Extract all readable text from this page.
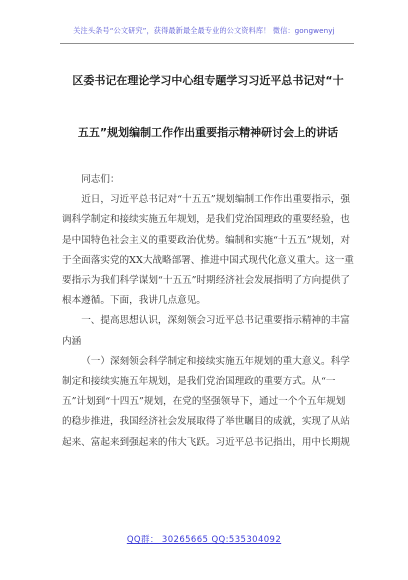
关注头条号“公文研究”，获得最新最全最专业的公文资料库！ 微信：gongwenyj
区委书记在理论学习中心组专题学习习近平总书记对“十
五五”规划编制工作作出重要指示精神研讨会上的讲话

同志们：

近日，习近平总书记对“十五五”规划编制工作作出重要指示，强调科学制定和接续实施五年规划，是我们党治国理政的重要经验，也是中国特色社会主义的重要政治优势。编制和实施“十五五”规划，对于全面落实党的XX大战略部署、推进中国式现代化意义重大。这一重要指示为我们科学谋划“十五五”时期经济社会发展指明了方向提供了根本遵循。下面，我讲几点意见。

一、提高思想认识，深刻领会习近平总书记重要指示精神的丰富内涵

（一）深刻领会科学制定和接续实施五年规划的重大意义。科学制定和接续实施五年规划，是我们党治国理政的重要方式。从“一五”计划到“十四五”规划，在党的坚强领导下，通过一个个五年规划的稳步推进，我国经济社会发展取得了举世瞩目的成就，实现了从站起来、富起来到强起来的伟大飞跃。习近平总书记指出，用中长期规

QQ群： 30265665 QQ:535304092
